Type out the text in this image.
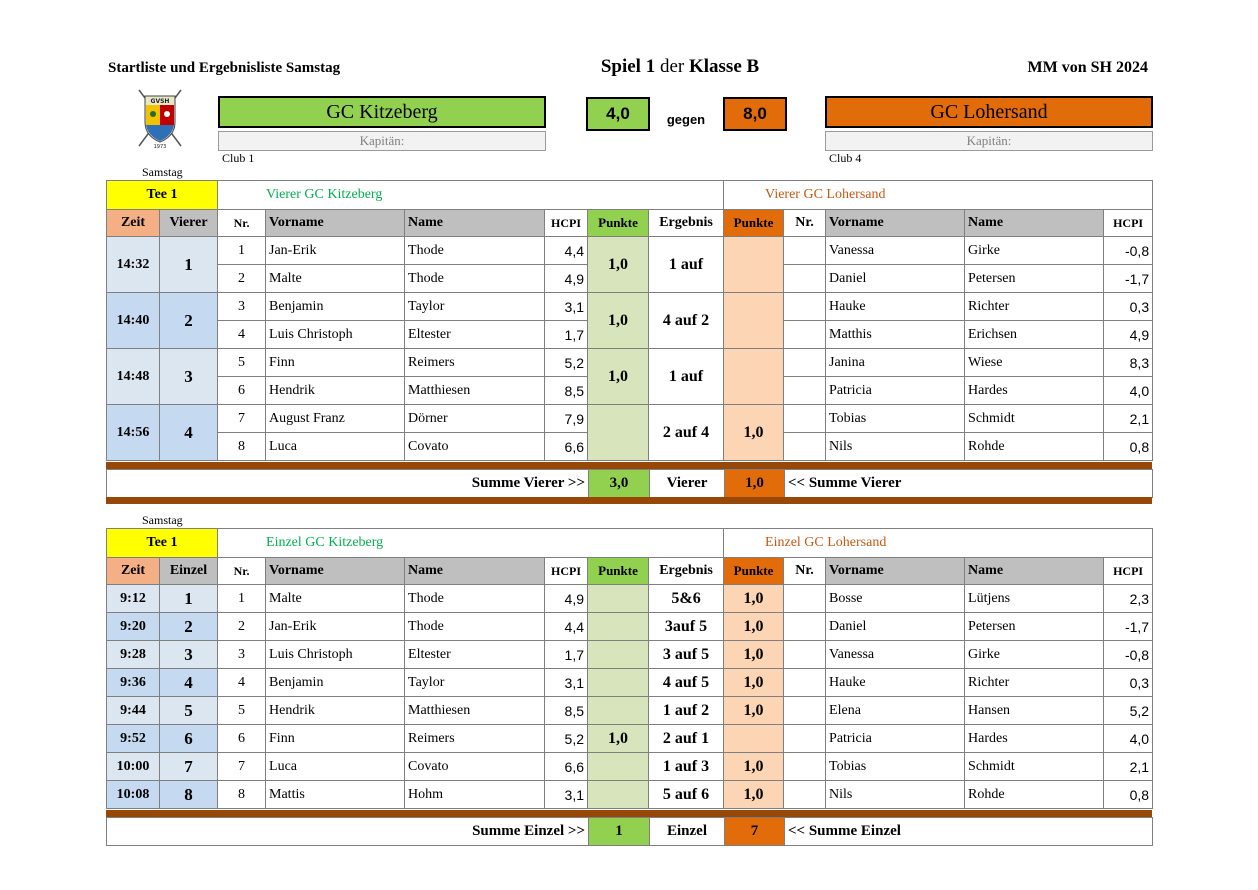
Startliste und Ergebnisliste Samstag	Spiel 1 der Klasse B	MM von SH 2024
GVSH
1973
GC Kitzeberg
Kapitän:
Club 1
4,0	gegen	8,0	GC Lohersand
Kapitän:
Club 4
Samstag
Tee 1		Vierer GC Kitzeberg						Vierer GC Lohersand				
Zeit	Vierer	Nr.	Vorname	Name	HCPI	Punkte	Ergebnis	Punkte	Nr.	Vorname	Name	HCPI
14:32	1	1	Jan-Erik	Thode	4,4	1,0	1 auf			Vanessa	Girke	-0,8
		2	Malte	Thode	4,9					Daniel	Petersen	-1,7
14:40	2	3	Benjamin	Taylor	3,1	1,0	4 auf 2			Hauke	Richter	0,3
		4	Luis Christoph	Eltester	1,7					Matthis	Erichsen	4,9
14:48	3	5	Finn	Reimers	5,2	1,0	1 auf			Janina	Wiese	8,3
		6	Hendrik	Matthiesen	8,5					Patricia	Hardes	4,0
14:56	4	7	August Franz	Dörner	7,9		2 auf 4	1,0		Tobias	Schmidt	2,1
		8	Luca	Covato	6,6					Nils	Rohde	0,8
Summe Vierer >>	3,0	Vierer	1,0	<< Summe Vierer
Samstag
Tee 1		Einzel GC Kitzeberg						Einzel GC Lohersand				
Zeit	Einzel	Nr.	Vorname	Name	HCPI	Punkte	Ergebnis	Punkte	Nr.	Vorname	Name	HCPI
9:12	1	1	Malte	Thode	4,9		5&6	1,0		Bosse	Lütjens	2,3
9:20	2	2	Jan-Erik	Thode	4,4		3auf 5	1,0		Daniel	Petersen	-1,7
9:28	3	3	Luis Christoph	Eltester	1,7		3 auf 5	1,0		Vanessa	Girke	-0,8
9:36	4	4	Benjamin	Taylor	3,1		4 auf 5	1,0		Hauke	Richter	0,3
9:44	5	5	Hendrik	Matthiesen	8,5		1 auf 2	1,0		Elena	Hansen	5,2
9:52	6	6	Finn	Reimers	5,2	1,0	2 auf 1			Patricia	Hardes	4,0
10:00	7	7	Luca	Covato	6,6		1 auf 3	1,0		Tobias	Schmidt	2,1
10:08	8	8	Mattis	Hohm	3,1		5 auf 6	1,0		Nils	Rohde	0,8
Summe Einzel >>	1	Einzel	7	<< Summe Einzel
